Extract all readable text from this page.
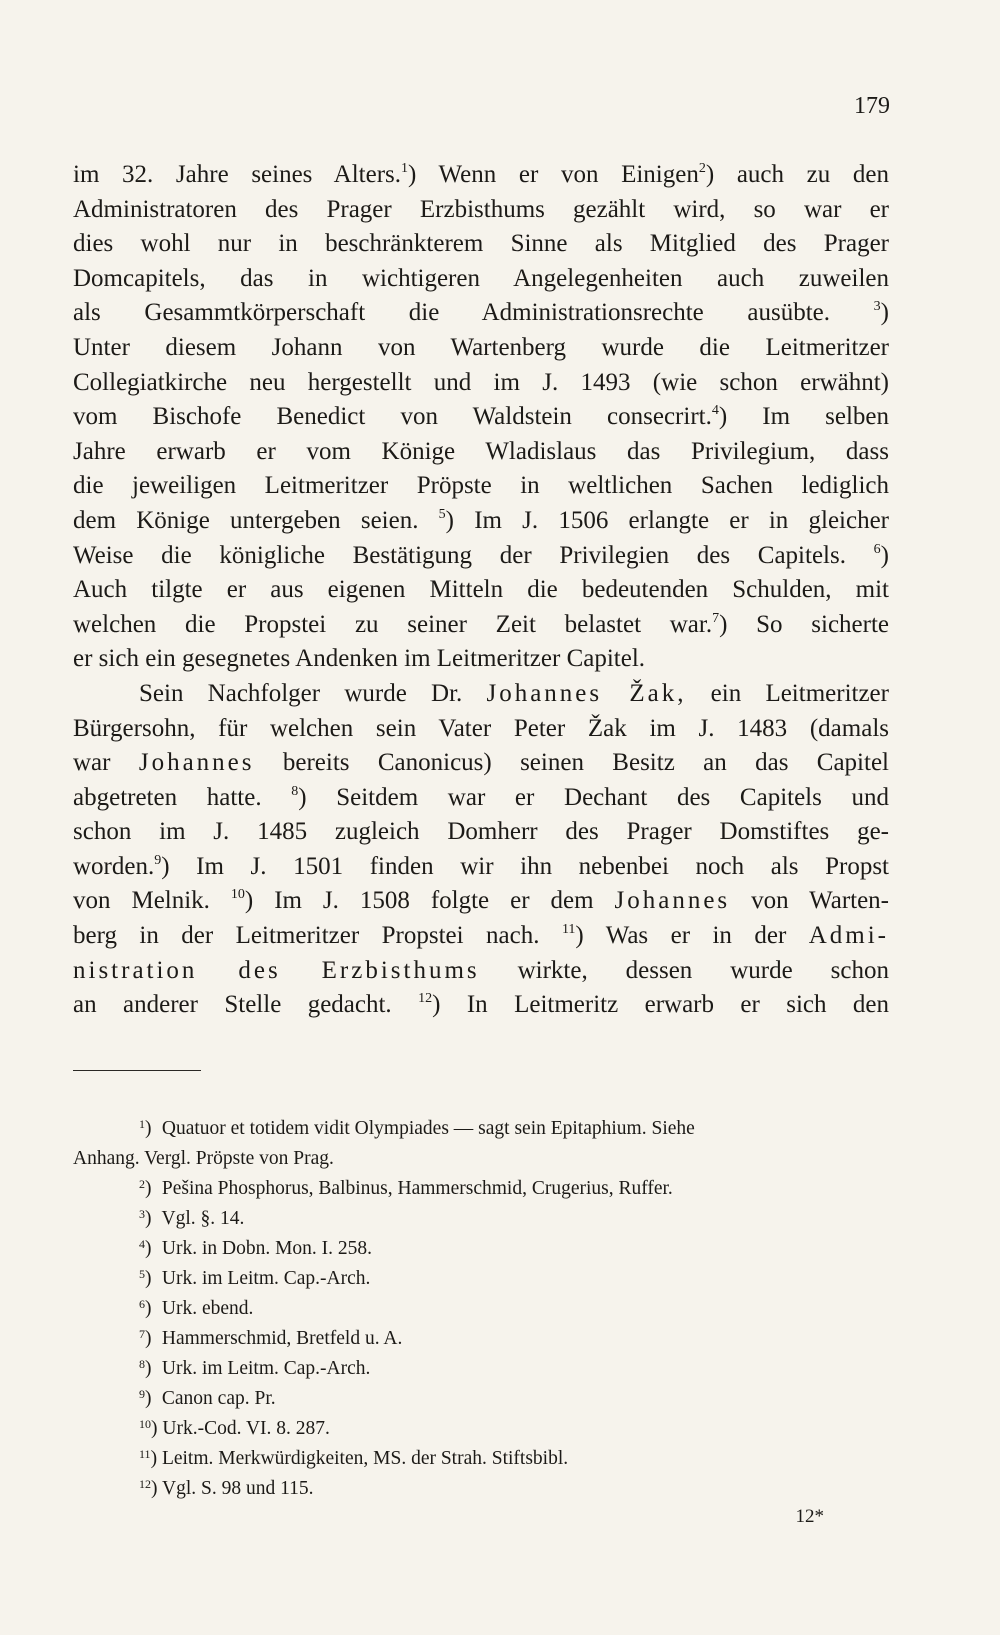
179
im 32. Jahre seines Alters.$^1$) Wenn er von Einigen$^2$) auch zu den
Administratoren des Prager Erzbisthums gezählt wird, so war er
dies wohl nur in beschränkterem Sinne als Mitglied des Prager
Domcapitels, das in wichtigeren Angelegenheiten auch zuweilen
als Gesammtkörperschaft die Administrationsrechte ausübte.	$^3$)
Unter diesem Johann von Wartenberg wurde die Leitmeritzer
Collegiatkirche neu hergestellt und im J. 1493 (wie schon erwähnt)
vom Bischofe Benedict von Waldstein consecrirt.$^4$) Im selben
Jahre erwarb er vom Könige Wladislaus das Privilegium, dass
die jeweiligen Leitmeritzer Pröpste in weltlichen Sachen lediglich
dem Könige untergeben seien. $^5$) Im J. 1506 erlangte er in gleicher
Weise die königliche Bestätigung der Privilegien des Capitels. $^6$)
Auch tilgte er aus eigenen Mitteln die bedeutenden Schulden, mit
welchen die Propstei zu seiner Zeit belastet war.$^7$) So sicherte
er sich ein gesegnetes Andenken im Leitmeritzer Capitel.
Sein Nachfolger wurde Dr. Johannes Žak, ein Leitmeritzer
Bürgersohn, für welchen sein Vater Peter Žak im J. 1483 (damals
war Johannes bereits Canonicus) seinen Besitz an das Capitel
abgetreten hatte. $^8$) Seitdem war er Dechant des Capitels und
schon im J. 1485 zugleich Domherr des Prager Domstiftes ge-
worden.$^9$) Im J. 1501 finden wir ihn nebenbei noch als Propst
von Melnik. $^{10}$) Im J. 1508 folgte er dem Johannes von Warten-
berg in der Leitmeritzer Propstei nach. $^{11}$) Was er in der Admi-
nistration des Erzbisthums wirkte, dessen wurde schon
an anderer Stelle gedacht. $^{12}$) In Leitmeritz erwarb er sich den
$^1$) Quatuor et totidem vidit Olympiades — sagt sein Epitaphium. Siehe
Anhang. Vergl. Pröpste von Prag.
$^2$) Pešina Phosphorus, Balbinus, Hammerschmid, Crugerius, Ruffer.
$^3$) Vgl. §. 14.
$^4$) Urk. in Dobn. Mon. I. 258.
$^5$) Urk. im Leitm. Cap.-Arch.
$^6$) Urk. ebend.
$^7$) Hammerschmid, Bretfeld u. A.
$^8$) Urk. im Leitm. Cap.-Arch.
$^9$) Canon cap. Pr.
$^{10}$) Urk.-Cod. VI. 8. 287.
$^{11}$) Leitm. Merkwürdigkeiten, MS. der Strah. Stiftsbibl.
$^{12}$) Vgl. S. 98 und 115.
12*
